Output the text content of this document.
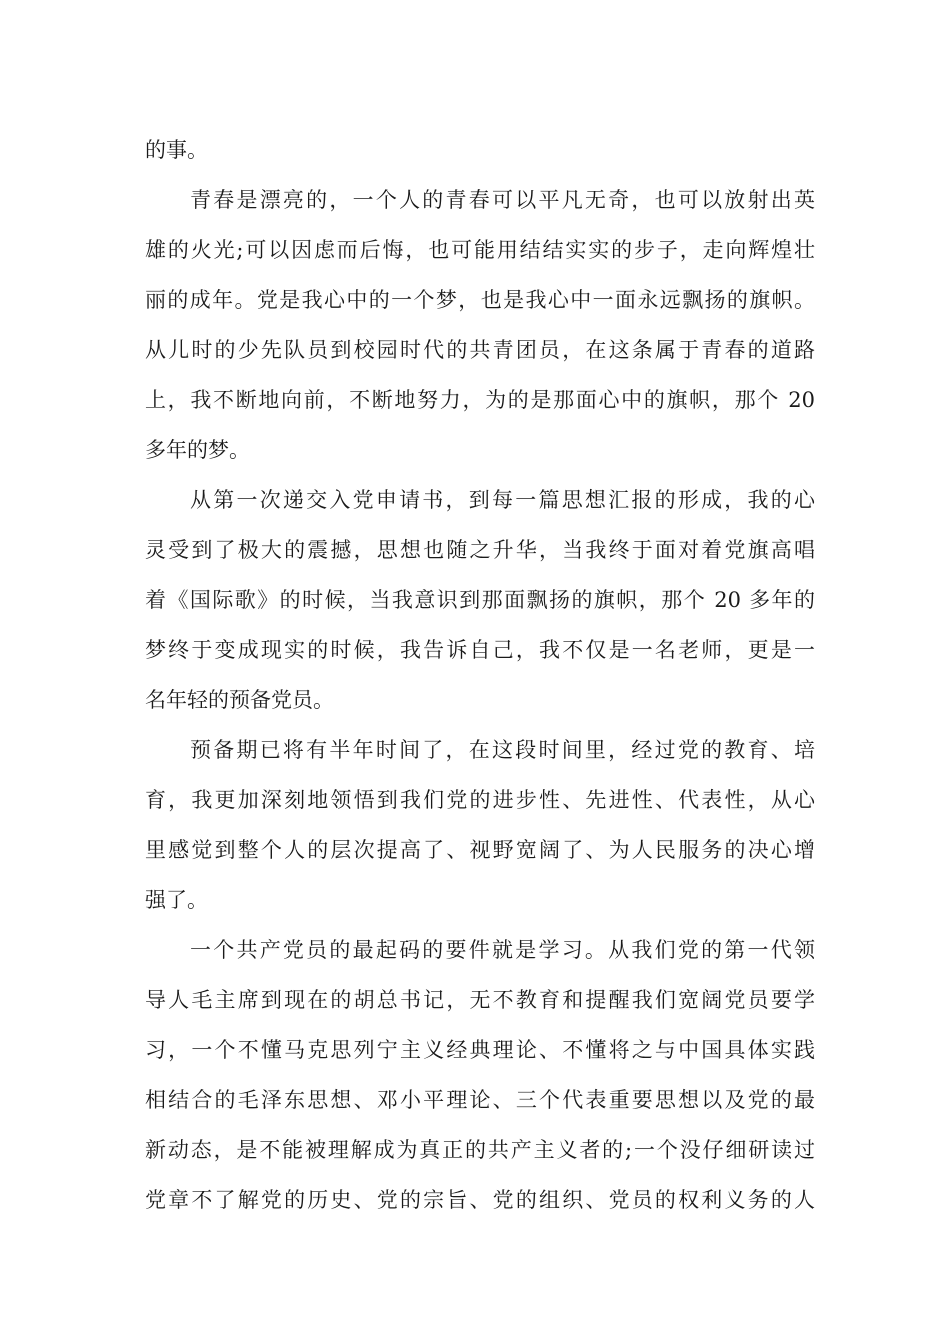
的事。
青春是漂亮的，一个人的青春可以平凡无奇，也可以放射出英
雄的火光;可以因虑而后悔，也可能用结结实实的步子，走向辉煌壮
丽的成年。党是我心中的一个梦，也是我心中一面永远飘扬的旗帜。
从儿时的少先队员到校园时代的共青团员，在这条属于青春的道路
上，我不断地向前，不断地努力，为的是那面心中的旗帜，那个 20
多年的梦。
从第一次递交入党申请书，到每一篇思想汇报的形成，我的心
灵受到了极大的震撼，思想也随之升华，当我终于面对着党旗高唱
着《国际歌》的时候，当我意识到那面飘扬的旗帜，那个 20 多年的
梦终于变成现实的时候，我告诉自己，我不仅是一名老师，更是一
名年轻的预备党员。
预备期已将有半年时间了，在这段时间里，经过党的教育、培
育，我更加深刻地领悟到我们党的进步性、先进性、代表性，从心
里感觉到整个人的层次提高了、视野宽阔了、为人民服务的决心增
强了。
一个共产党员的最起码的要件就是学习。从我们党的第一代领
导人毛主席到现在的胡总书记，无不教育和提醒我们宽阔党员要学
习，一个不懂马克思列宁主义经典理论、不懂将之与中国具体实践
相结合的毛泽东思想、邓小平理论、三个代表重要思想以及党的最
新动态，是不能被理解成为真正的共产主义者的;一个没仔细研读过
党章不了解党的历史、党的宗旨、党的组织、党员的权利义务的人
